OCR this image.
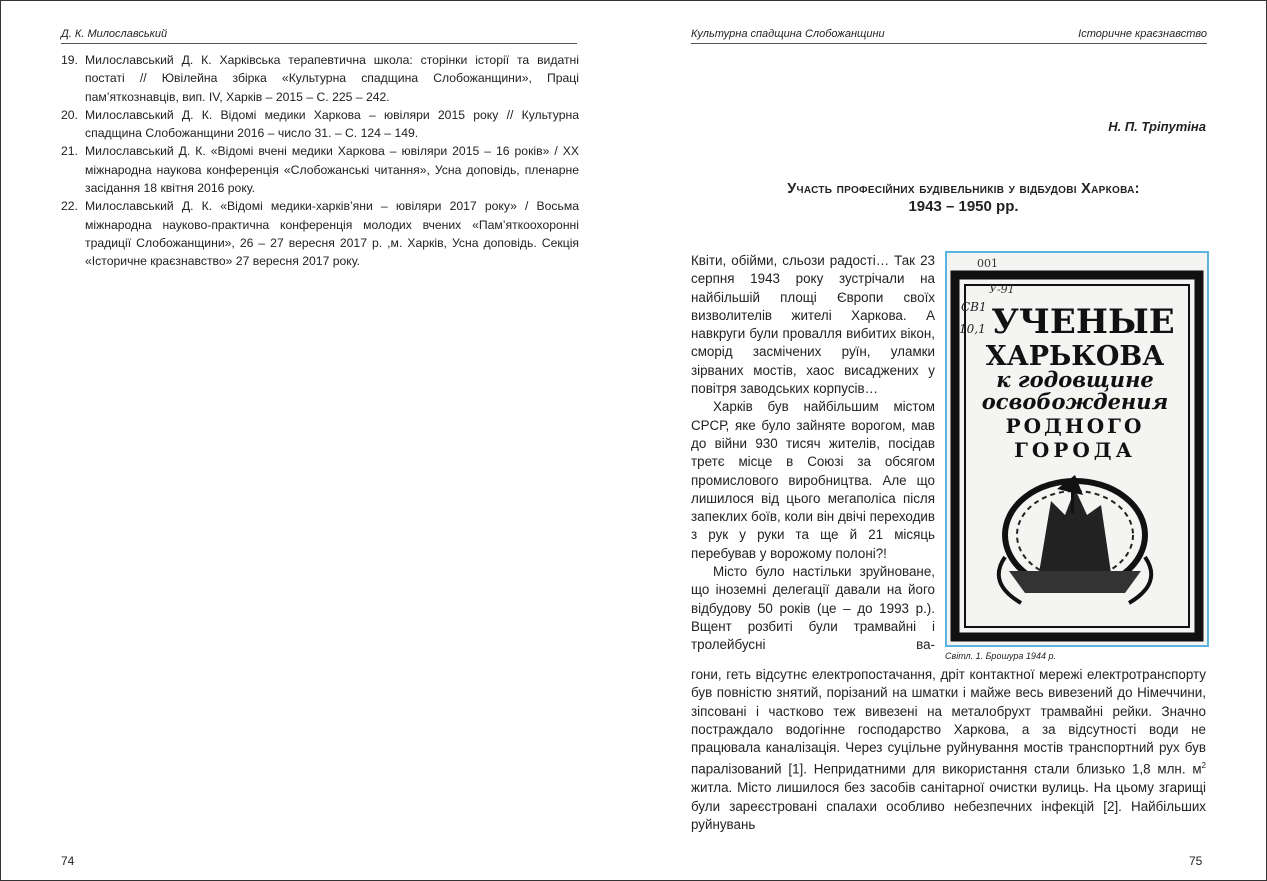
Д. К. Милославський
19. Милославський Д. К. Харківська терапевтична школа: сторінки історії та видатні постаті // Ювілейна збірка «Культурна спадщина Слобожанщини», Праці пам’яткознавців, вип. IV, Харків – 2015 – С. 225 – 242.
20. Милославський Д. К. Відомі медики Харкова – ювіляри 2015 року // Культурна спадщина Слобожанщини 2016 – число 31. – С. 124 – 149.
21. Милославський Д. К. «Відомі вчені медики Харкова – ювіляри 2015 – 16 років» / ХХ міжнародна наукова конференція «Слобожанські читання», Усна доповідь, пленарне засідання 18 квітня 2016 року.
22. Милославський Д. К. «Відомі медики-харків’яни – ювіляри 2017 року» / Восьма міжнародна науково-практична конференція молодих вчених «Пам’яткоохоронні традиції Слобожанщини», 26 – 27 вересня 2017 р. ,м. Харків, Усна доповідь. Секція «Історичне краєзнавство» 27 вересня 2017 року.
74
Культурна спадщина Слобожанщини	Історичне краєзнавство
Н. П. Тріпутіна
Участь професійних будівельників у відбудові Харкова:
1943 – 1950 рр.

Квіти, обійми, сльози радості… Так 23 серпня 1943 року зустрічали на найбільшій площі Європи своїх визволителів жителі Харкова. А навкруги були провалля вибитих вікон, сморід засмічених руїн, уламки зірваних мостів, хаос висаджених у повітря заводських корпусів…

Харків був найбільшим містом СРСР, яке було зайняте ворогом, мав до війни 930 тисяч жителів, посідав третє місце в Союзі за обсягом промислового виробництва. Але що лишилося від цього мегаполіса після запеклих боїв, коли він двічі переходив з рук у руки та ще й 21 місяць перебував у ворожому полоні?!

Місто було настільки зруйноване, що іноземні делегації давали на його відбудову 50 років (це – до 1993 р.). Вщент розбиті були трамвайні і тролейбусні ва-

001
У-91
СВ1
10,1 УЧЕНЫЕ
ХАРЬКОВА
к годовщине
освобождения
РОДНОГО
ГОРОДА
Світл. 1. Брошура 1944 р.

гони, геть відсутнє електропостачання, дріт контактної мережі електротранспорту був повністю знятий, порізаний на шматки і майже весь вивезений до Німеччини, зіпсовані і частково теж вивезені на металобрухт трамвайні рейки. Значно постраждало водогінне господарство Харкова, а за відсутності води не працювала каналізація. Через суцільне руйнування мостів транспортний рух був паралізований [1]. Непридатними для використання стали близько 1,8 млн. $м^2$ житла. Місто лишилося без засобів санітарної очистки вулиць. На цьому згарищі були зареєстровані спалахи особливо небезпечних інфекцій [2]. Найбільших руйнувань

75
